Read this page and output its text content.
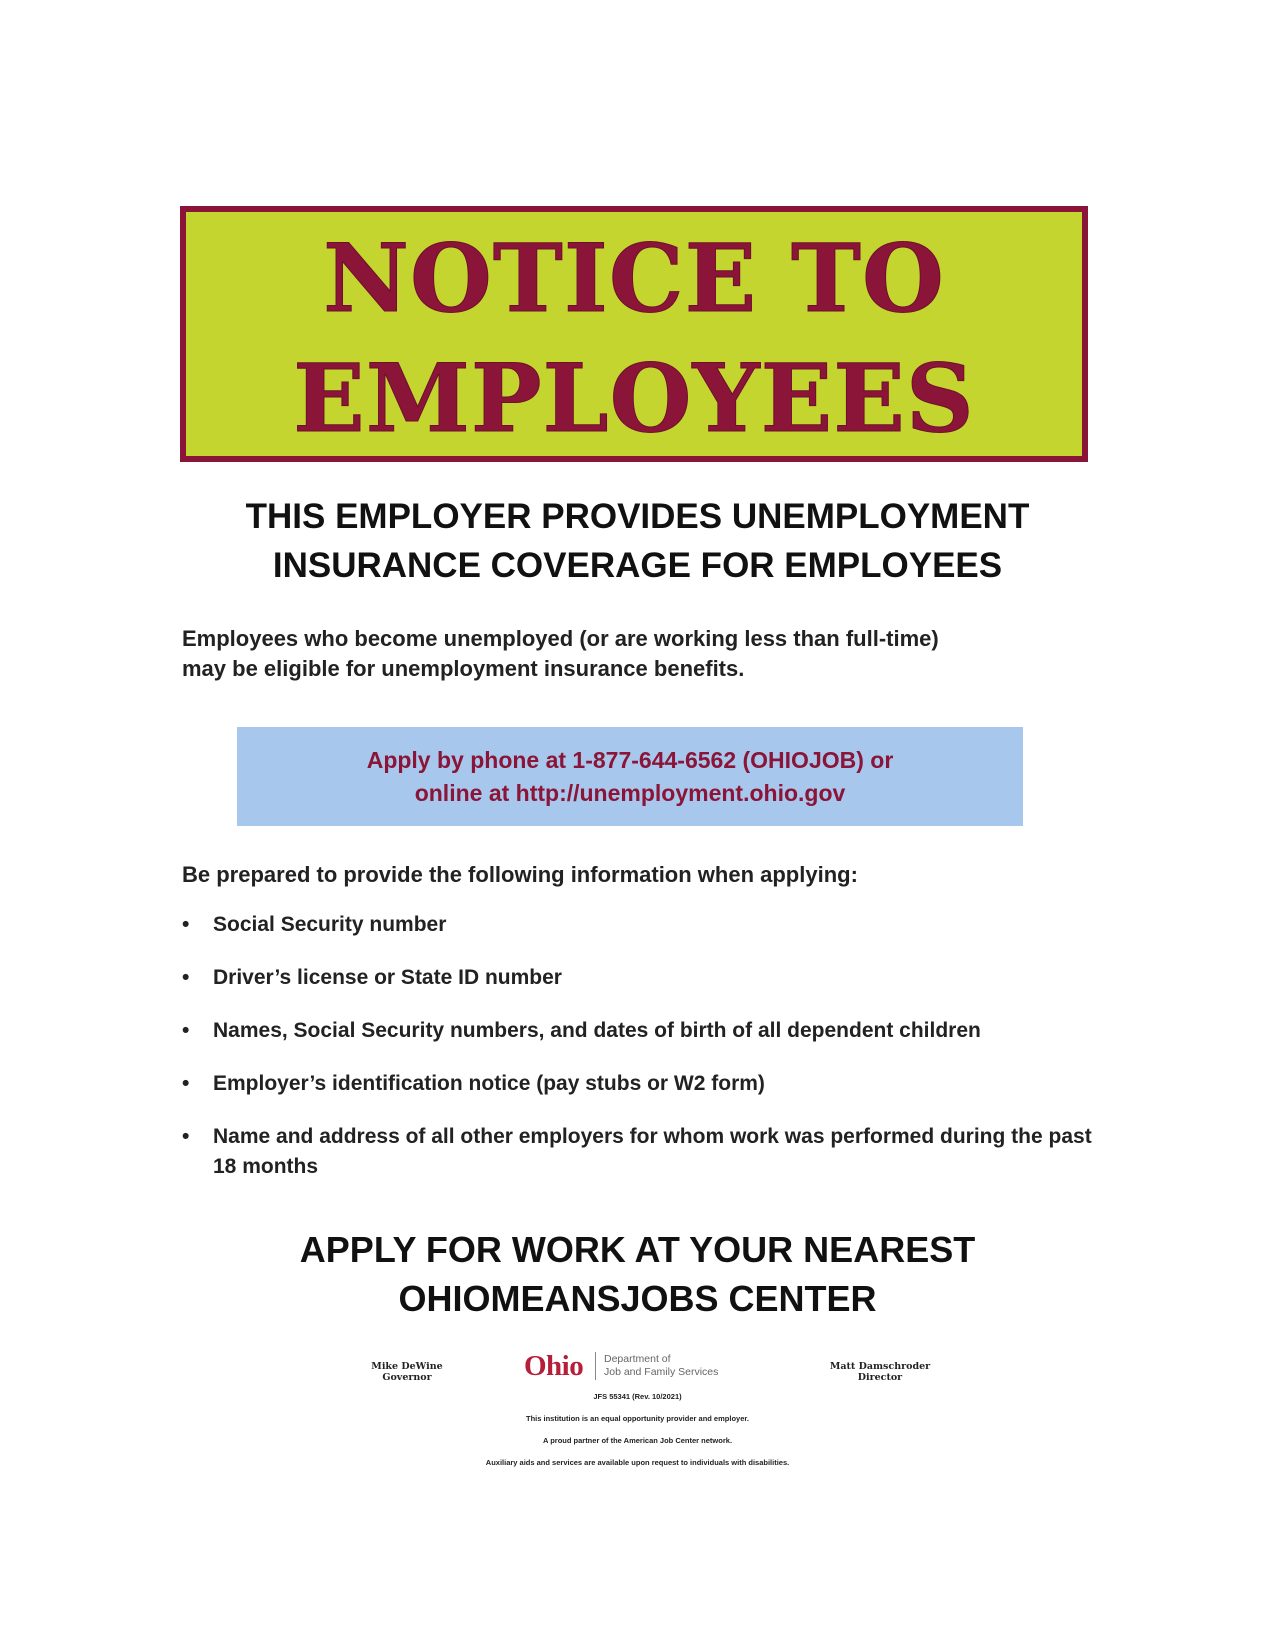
NOTICE TO
EMPLOYEES
THIS EMPLOYER PROVIDES UNEMPLOYMENT
INSURANCE COVERAGE FOR EMPLOYEES
Employees who become unemployed (or are working less than full-time)
may be eligible for unemployment insurance benefits.
Apply by phone at 1-877-644-6562 (OHIOJOB) or
online at http://unemployment.ohio.gov
Be prepared to provide the following information when applying:
• Social Security number
• Driver’s license or State ID number
• Names, Social Security numbers, and dates of birth of all dependent children
• Employer’s identification notice (pay stubs or W2 form)
• Name and address of all other employers for whom work was performed during the past 18 months
APPLY FOR WORK AT YOUR NEAREST
OHIOMEANSJOBS CENTER
Mike DeWine
Governor	Ohio Department of
Job and Family Services	Matt Damschroder
Director
JFS 55341 (Rev. 10/2021)
This institution is an equal opportunity provider and employer.
A proud partner of the American Job Center network.
Auxiliary aids and services are available upon request to individuals with disabilities.
